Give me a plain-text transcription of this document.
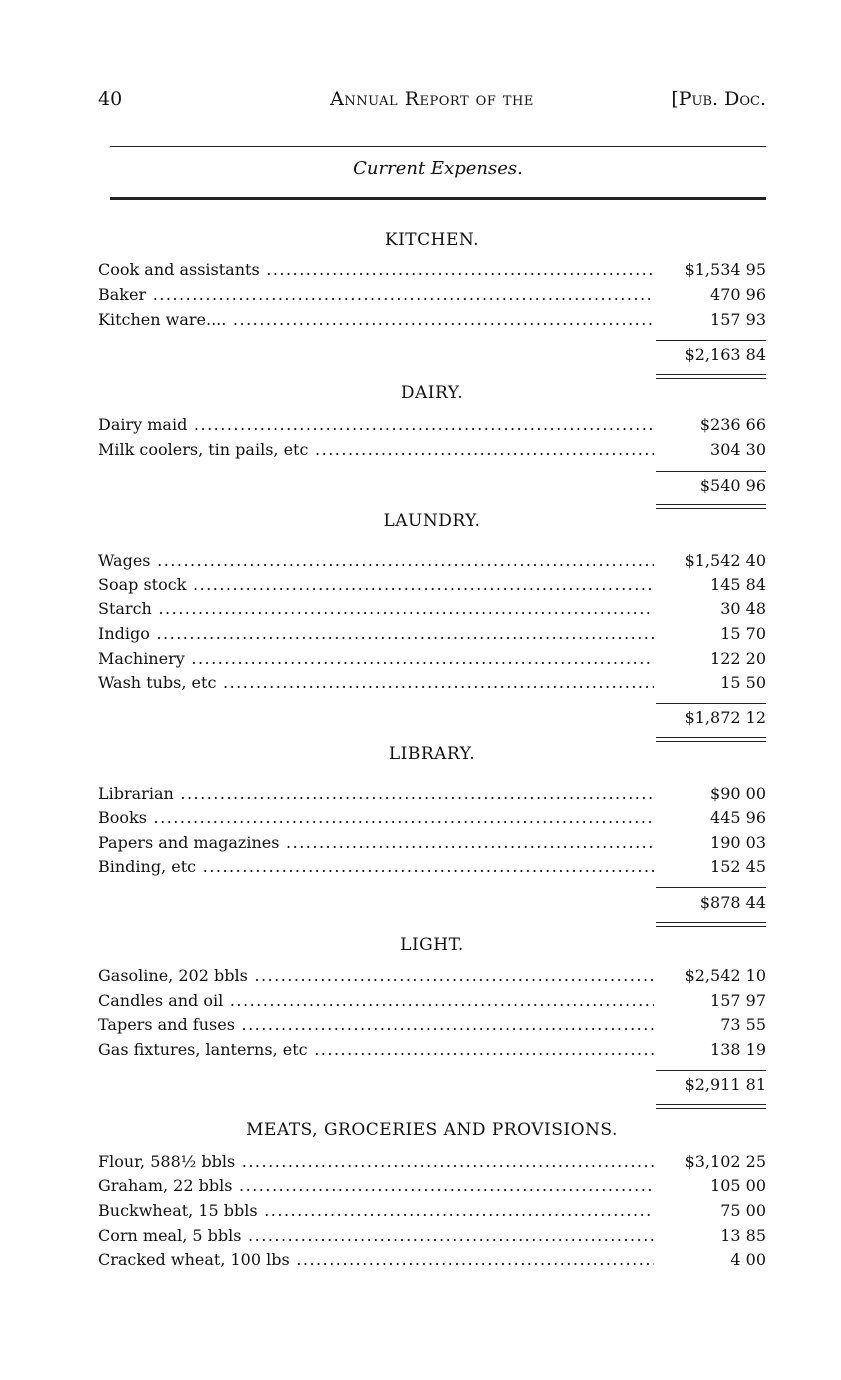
40	Annual Report of the	[Pub. Doc.
Current Expenses.
KITCHEN.
Cook and assistants .....	$1,534 95
Baker .....	470 96
Kitchen ware.... .....	157 93
$2,163 84
DAIRY.
Dairy maid .....	$236 66
Milk coolers, tin pails, etc .....	304 30
$540 96
LAUNDRY.
Wages .....	$1,542 40
Soap stock .....	145 84
Starch .....	30 48
Indigo .....	15 70
Machinery .....	122 20
Wash tubs, etc .....	15 50
$1,872 12
LIBRARY.
Librarian .....	$90 00
Books .....	445 96
Papers and magazines .....	190 03
Binding, etc .....	152 45
$878 44
LIGHT.
Gasoline, 202 bbls .....	$2,542 10
Candles and oil .....	157 97
Tapers and fuses .....	73 55
Gas fixtures, lanterns, etc .....	138 19
$2,911 81
MEATS, GROCERIES AND PROVISIONS.
Flour, 588½ bbls .....	$3,102 25
Graham, 22 bbls .....	105 00
Buckwheat, 15 bbls .....	75 00
Corn meal, 5 bbls .....	13 85
Cracked wheat, 100 lbs .....	4 00
